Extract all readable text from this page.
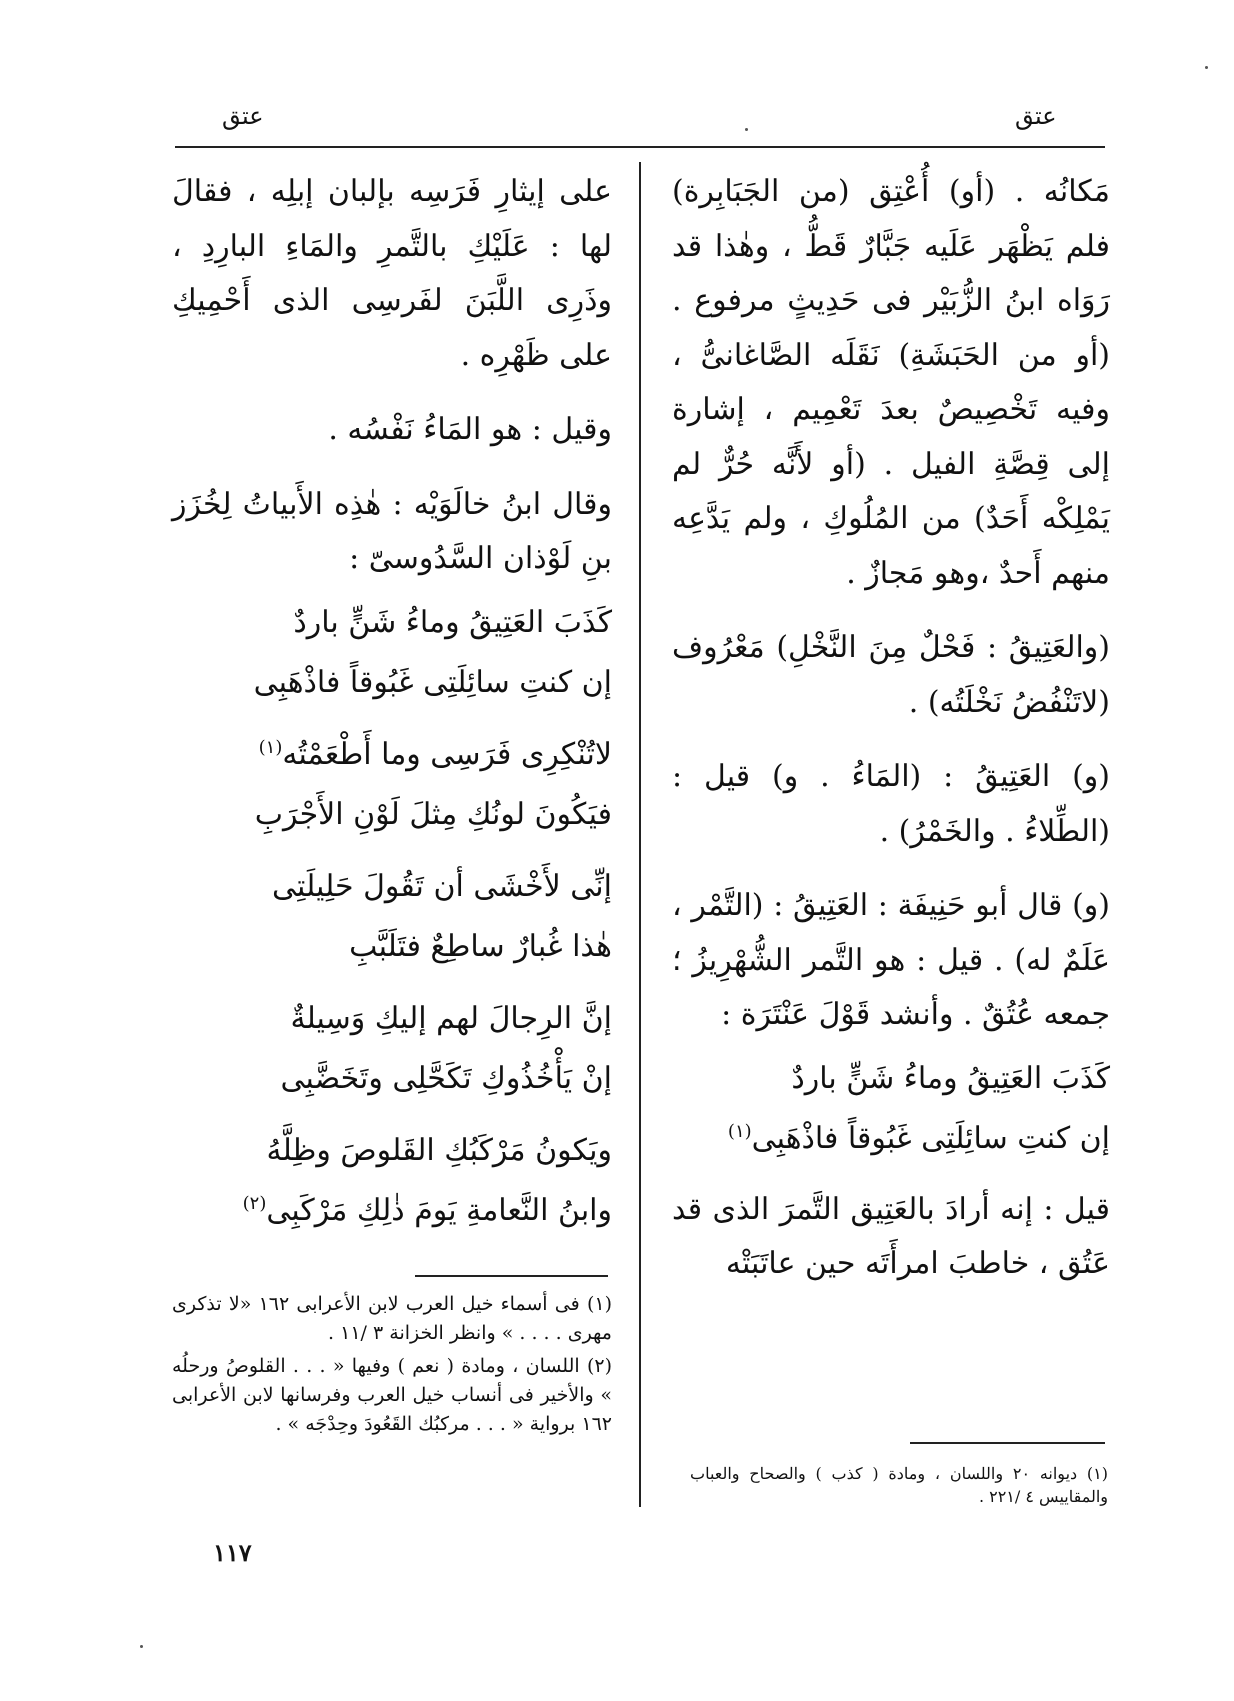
عتق
عتق

مَكانُه . (أو) أُعْتِق (من الجَبَابِرة) فلم يَظْهَر عَلَيه جَبَّارٌ قَطُّ ، وهٰذا قد رَوَاه ابنُ الزُّبَيْر فى حَدِيثٍ مرفوع . (أو من الحَبَشَةِ) نَقَلَه الصَّاغانىُّ ، وفيه تَخْصِيصٌ بعدَ تَعْمِيم ، إشارة إلى قِصَّةِ الفيل . (أو لأَنَّه حُرٌّ لم يَمْلِكْه أَحَدٌ) من المُلُوكِ ، ولم يَدَّعِه منهم أَحدٌ ،وهو مَجازٌ .

(والعَتِيقُ : فَحْلٌ مِنَ النَّخْلِ) مَعْرُوف (لاتَنْفُضُ نَخْلَتُه) .

(و) العَتِيقُ : (المَاءُ . و) قيل : (الطِّلاءُ . والخَمْرُ) .

(و) قال أبو حَنِيفَة : العَتِيقُ : (التَّمْر ، عَلَمٌ له) . قيل : هو التَّمر الشُّهْرِيزُ ؛ جمعه عُتُقٌ . وأنشد قَوْلَ عَنْتَرَة :

كَذَبَ العَتِيقُ وماءُ شَنٍّ باردٌ

إن كنتِ سائِلَتِى غَبُوقاً فاذْهَبِى$^{(١)}$

قيل : إنه أرادَ بالعَتِيق التَّمرَ الذى قد عَتُق ، خاطبَ امرأَتَه حين عاتَبَتْه

(١) ديوانه ٢٠ واللسان ، ومادة ( كذب ) والصحاح والعباب والمقاييس ٤ /٢٢١ .

على إيثارِ فَرَسِه بإلبان إبلِه ، فقالَ لها : عَلَيْكِ بالتَّمرِ والمَاءِ البارِدِ ، وذَرِى اللَّبَنَ لفَرسِى الذى أَحْمِيكِ على ظَهْرِه .

وقيل : هو المَاءُ نَفْسُه .

وقال ابنُ خالَوَيْه : هٰذِه الأَبياتُ لِخُزَز بنِ لَوْذان السَّدُوسىّ :

كَذَبَ العَتِيقُ وماءُ شَنٍّ باردٌ

إن كنتِ سائِلَتِى غَبُوقاً فاذْهَبِى

لاتُنْكِرِى فَرَسِى وما أَطْعَمْتُه$^{(١)}$

فيَكُونَ لونُكِ مِثلَ لَوْنِ الأَجْرَبِ

إنِّى لأَخْشَى أن تَقُولَ حَلِيلَتِى

هٰذا غُبارٌ ساطِعٌ فتَلَبَّبِ

إنَّ الرِجالَ لهم إليكِ وَسِيلةٌ

إنْ يَأْخُذُوكِ تَكَحَّلِى وتَخَضَّبِى

ويَكونُ مَرْكَبُكِ القَلوصَ وظِلَّهُ

وابنُ النَّعامةِ يَومَ ذٰلِكِ مَرْكَبِى$^{(٢)}$

(١) فى أسماء خيل العرب لابن الأعرابى ١٦٢ «لا تذكرى مهرى . . . . » وانظر الخزانة ٣ /١١ .

(٢) اللسان ، ومادة ( نعم ) وفيها « . . . القلوصُ ورحلُه » والأخير فى أنساب خيل العرب وفرسانها لابن الأعرابى ١٦٢ برواية « . . . مركبُك القَعُودَ وحِدْجَه » .

١١٧
